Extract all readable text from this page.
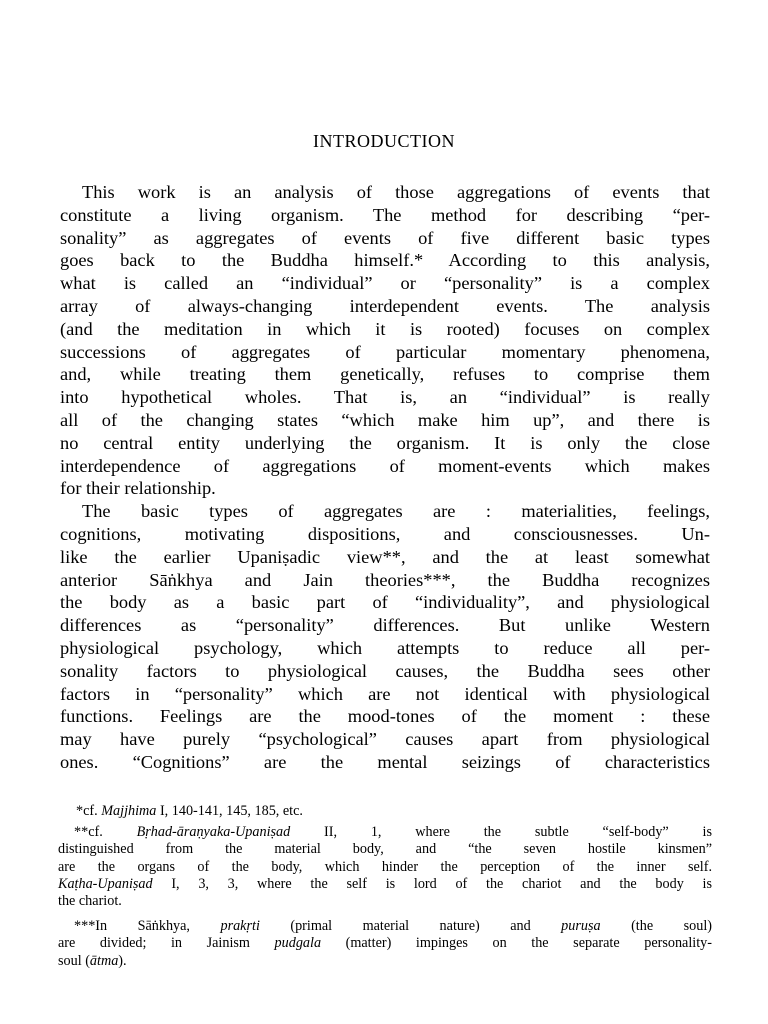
INTRODUCTION
This work is an analysis of those aggregations of events that
constitute a living organism. The method for describing “per-
sonality” as aggregates of events of five different basic types
goes back to the Buddha himself.* According to this analysis,
what is called an “individual” or “personality” is a complex
array of always-changing interdependent events. The analysis
(and the meditation in which it is rooted) focuses on complex
successions of aggregates of particular momentary phenomena,
and, while treating them genetically, refuses to comprise them
into hypothetical wholes. That is, an “individual” is really
all of the changing states “which make him up”, and there is
no central entity underlying the organism. It is only the close
interdependence of aggregations of moment-events which makes
for their relationship.
The basic types of aggregates are : materialities, feelings,
cognitions, motivating dispositions, and consciousnesses. Un-
like the earlier Upaniṣadic view**, and the at least somewhat
anterior Sāṅkhya and Jain theories***, the Buddha recognizes
the body as a basic part of “individuality”, and physiological
differences as “personality” differences. But unlike Western
physiological psychology, which attempts to reduce all per-
sonality factors to physiological causes, the Buddha sees other
factors in “personality” which are not identical with physiological
functions. Feelings are the mood-tones of the moment : these
may have purely “psychological” causes apart from physiological
ones. “Cognitions” are the mental seizings of characteristics
*cf. Majjhima I, 140-141, 145, 185, etc.
**cf. Bṛhad-āraṇyaka-Upaniṣad II, 1, where the subtle “self-body” is
distinguished from the material body, and “the seven hostile kinsmen”
are the organs of the body, which hinder the perception of the inner self.
Kaṭha-Upaniṣad I, 3, 3, where the self is lord of the chariot and the body is
the chariot.
***In Sāṅkhya, prakṛti (primal material nature) and puruṣa (the soul)
are divided; in Jainism pudgala (matter) impinges on the separate personality-
soul (ātma).
